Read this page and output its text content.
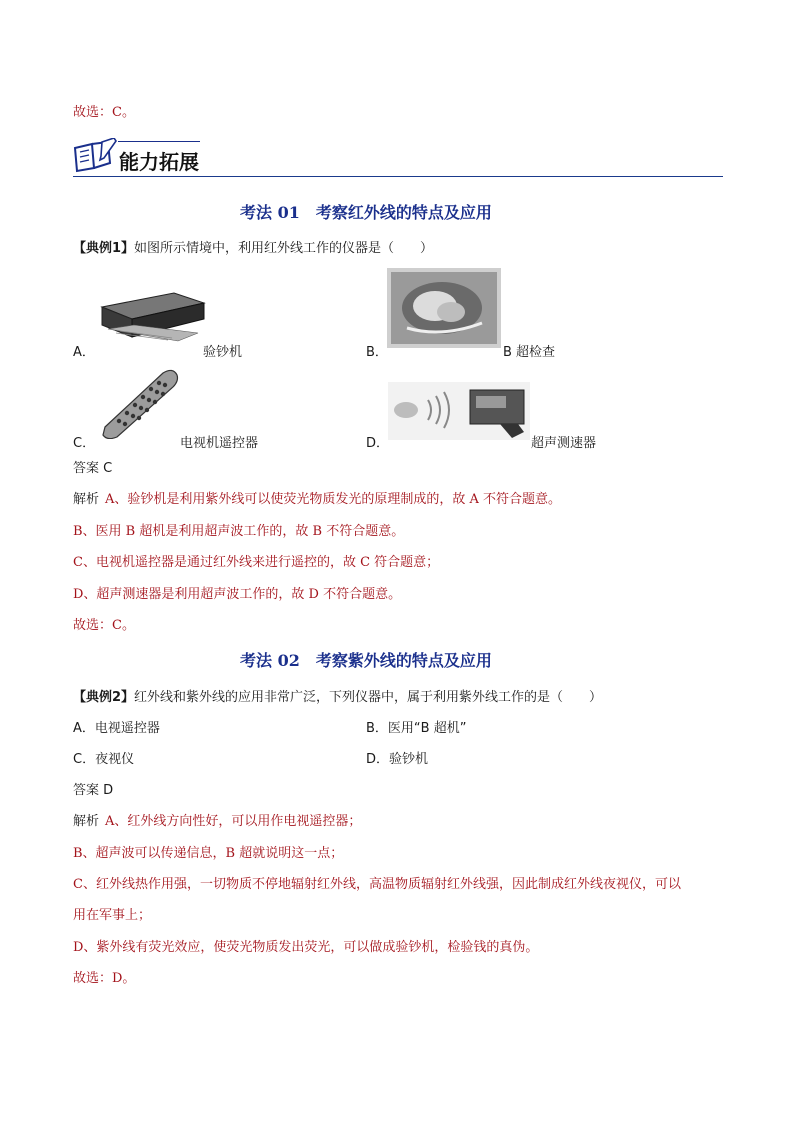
故选：C。
能力拓展
考法 01　考察红外线的特点及应用
【典例1】如图所示情境中，利用红外线工作的仪器是（　　）
A．	验钞机	B．	B 超检查
C．	电视机遥控器	D．	超声测速器
答案 C
解析 A、验钞机是利用紫外线可以使荧光物质发光的原理制成的，故 A 不符合题意。
B、医用 B 超机是利用超声波工作的，故 B 不符合题意。
C、电视机遥控器是通过红外线来进行遥控的，故 C 符合题意；
D、超声测速器是利用超声波工作的，故 D 不符合题意。
故选：C。
考法 02　考察紫外线的特点及应用
【典例2】红外线和紫外线的应用非常广泛，下列仪器中，属于利用紫外线工作的是（　　）
A．电视遥控器	B．医用“B 超机”
C．夜视仪	D．验钞机
答案 D
解析 A、红外线方向性好，可以用作电视遥控器；
B、超声波可以传递信息，B 超就说明这一点；
C、红外线热作用强，一切物质不停地辐射红外线，高温物质辐射红外线强，因此制成红外线夜视仪，可以
用在军事上；
D、紫外线有荧光效应，使荧光物质发出荧光，可以做成验钞机，检验钱的真伪。
故选：D。
